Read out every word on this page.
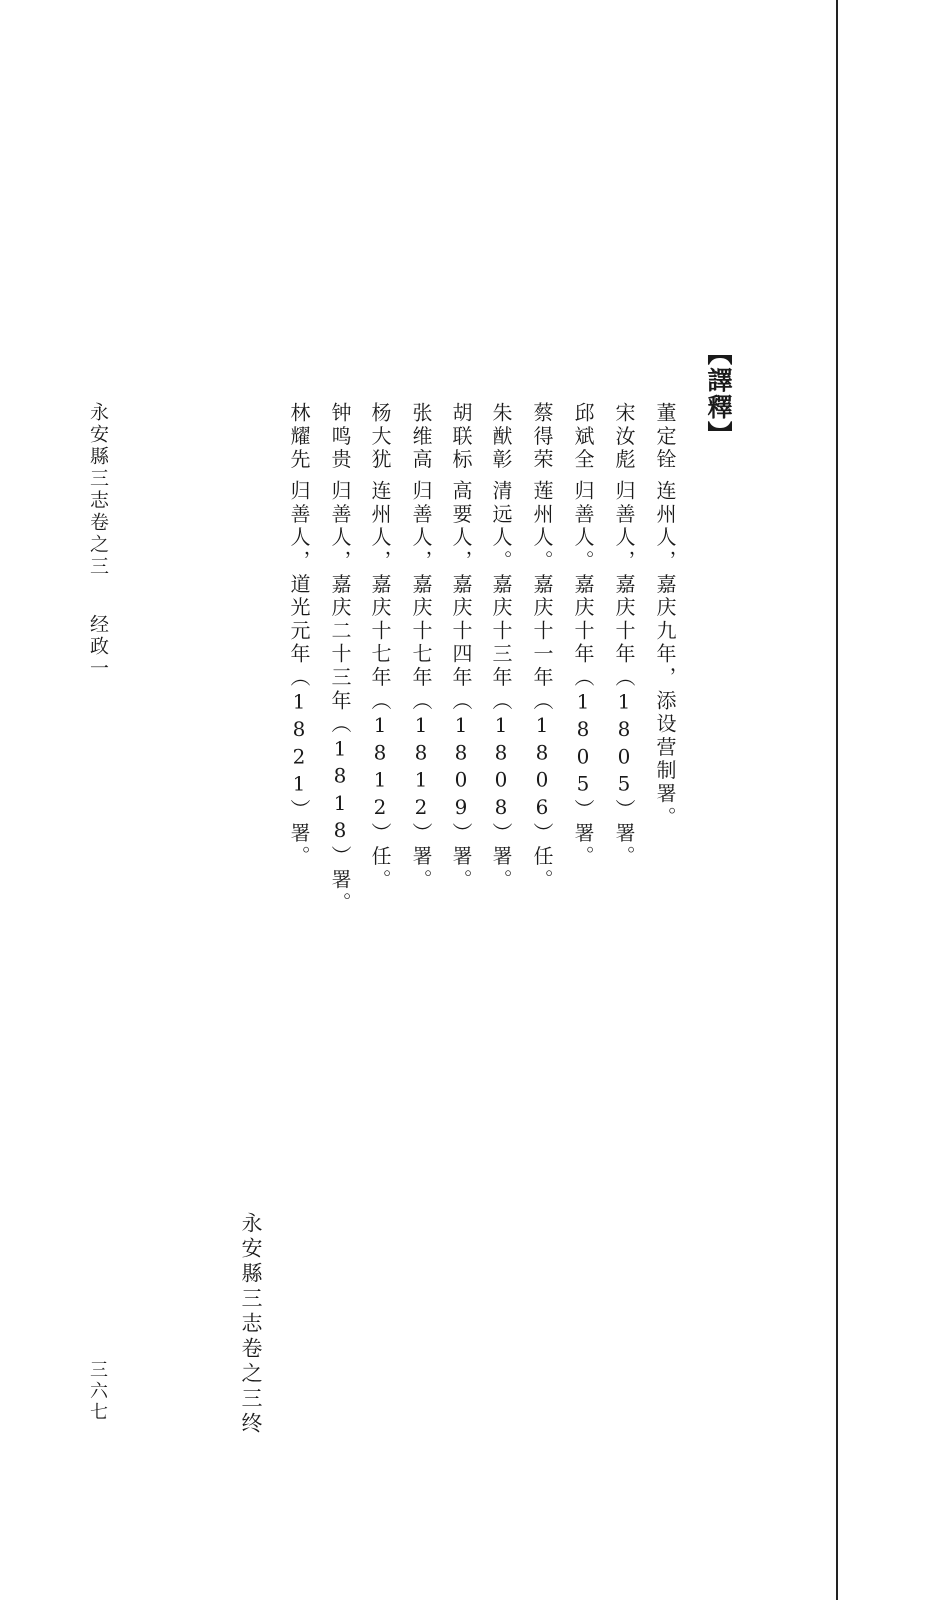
【譯釋】
董定铨连州人，嘉庆九年，添设营制署。
宋汝彪归善人，嘉庆十年（1805）署。
邱斌全归善人。嘉庆十年（1805）署。
蔡得荣莲州人。嘉庆十一年（1806）任。
朱猷彰清远人。嘉庆十三年（1808）署。
胡联标高要人，嘉庆十四年（1809）署。
张维高归善人，嘉庆十七年（1812）署。
杨大犹连州人，嘉庆十七年（1812）任。
钟鸣贵归善人，嘉庆二十三年（1818）署。
林耀先归善人，道光元年（1821）署。
永安縣三志卷之三终
永安縣三志卷之三经政一
三六七
